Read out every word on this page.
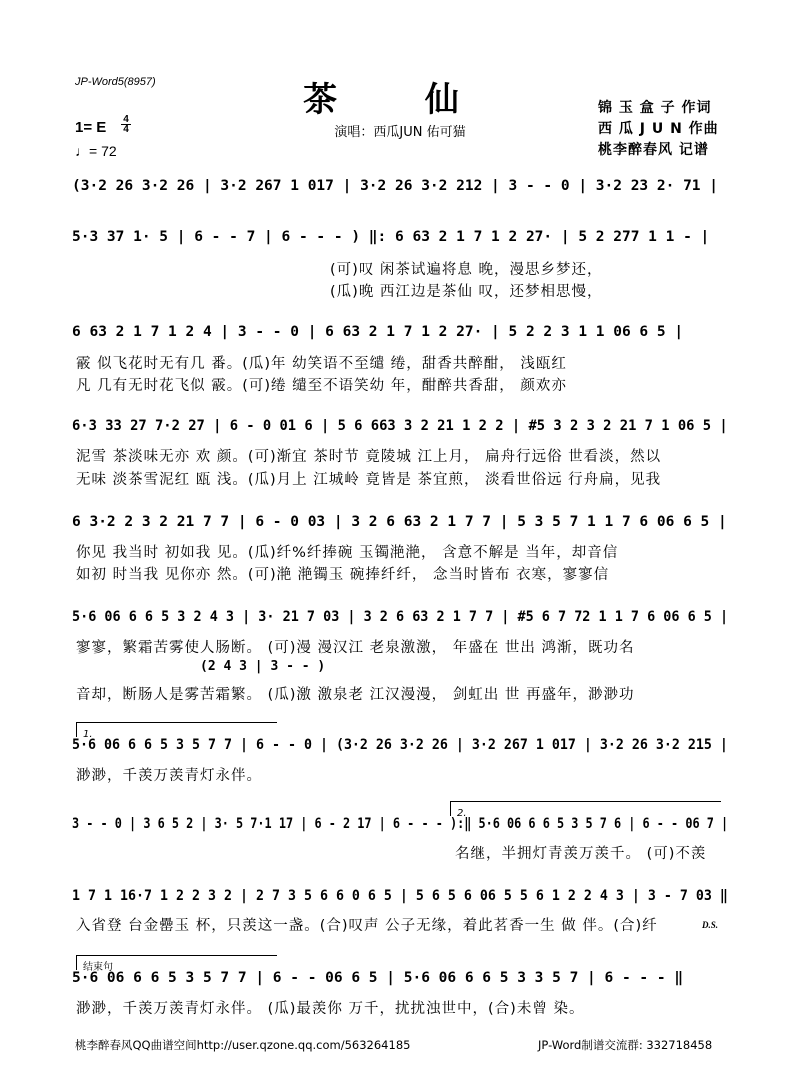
JP-Word5(8957)	茶 仙
演唱：西瓜JUN 佑可猫
锦 玉 盒 子 作词
西 瓜 J U N 作曲
桃李醉春风 记谱
1= E 4
4
♩= 72
(3·2 26 3·2 26 | 3·2 267 1 017 | 3·2 26 3·2 212 | 3 - - 0 | 3·2 23 2· 71 |
5·3 37 1· 5 | 6 - - 7 | 6 - - - ) ‖: 6 63 2 1 7 1 2 27· | 5 2 277 1 1 - |
(可)叹 闲茶试遍将息 晚，漫思乡梦还，
(瓜)晚 西江边是茶仙 叹，还梦相思慢，
6 63 2 1 7 1 2 4 | 3 - - 0 | 6 63 2 1 7 1 2 27· | 5 2 2 3 1 1 06 6 5 |
霰 似飞花时无有几 番。(瓜)年 幼笑语不至缱 绻，甜香共醉酣， 浅瓯红
凡 几有无时花飞似 霰。(可)绻 缱至不语笑幼 年，酣醉共香甜， 颜欢亦
6·3 33 27 7·2 27 | 6 - 0 01 6 | 5 6 663 3 2 21 1 2 2 | #5 3 2 3 2 21 7 1 06 5 |
泥雪 茶淡味无亦 欢 颜。(可)渐宜 茶时节 竟陵城 江上月， 扁舟行远俗 世看淡，然以
无味 淡茶雪泥红 瓯 浅。(瓜)月上 江城岭 竟皆是 茶宜煎， 淡看世俗远 行舟扁，见我
6 3·2 2 3 2 21 7 7 | 6 - 0 03 | 3 2 6 63 2 1 7 7 | 5 3 5 7 1 1 7 6 06 6 5 |
你见 我当时 初如我 见。(瓜)纤%纤捧碗 玉镯滟滟， 含意不解是 当年，却音信
如初 时当我 见你亦 然。(可)滟 滟镯玉 碗捧纤纤， 念当时皆布 衣寒，寥寥信
5·6 06 6 6 5 3 2 4 3 | 3· 21 7 03 | 3 2 6 63 2 1 7 7 | #5 6 7 72 1 1 7 6 06 6 5 |
寥寥，繁霜苦雾使人肠断。 (可)漫 漫汉江 老泉激激， 年盛在 世出 鸿渐，既功名
(2 4 3 | 3 - - )
音却，断肠人是雾苦霜繁。 (瓜)激 激泉老 江汉漫漫， 剑虹出 世 再盛年，渺渺功
1.
5·6 06 6 6 5 3 5 7 7 | 6 - - 0 | (3·2 26 3·2 26 | 3·2 267 1 017 | 3·2 26 3·2 215 |
渺渺，千羡万羡青灯永伴。
2.
3 - - 0 | 3 6 5 2 | 3· 5 7·1 17 | 6 - 2 17 | 6 - - - ):‖ 5·6 06 6 6 5 3 5 7 6 | 6 - - 06 7 |
名继，半拥灯青羡万羡千。 (可)不羡
1 7 1 16·7 1 2 2 3 2 | 2 7 3 5 6 6 0 6 5 | 5 6 5 6 06 5 5 6 1 2 2 4 3 | 3 - 7 03 ‖
入省登 台金罍玉 杯，只羡这一盏。(合)叹声 公子无缘，着此茗香一生 做 伴。(合)纤	D.S.
结束句
5·6 06 6 6 5 3 5 7 7 | 6 - - 06 6 5 | 5·6 06 6 6 5 3 3 5 7 | 6 - - - ‖
渺渺，千羡万羡青灯永伴。 (瓜)最羡你 万千，扰扰浊世中，(合)未曾 染。
桃李醉春风QQ曲谱空间http://user.qzone.qq.com/563264185	JP-Word制谱交流群: 332718458
